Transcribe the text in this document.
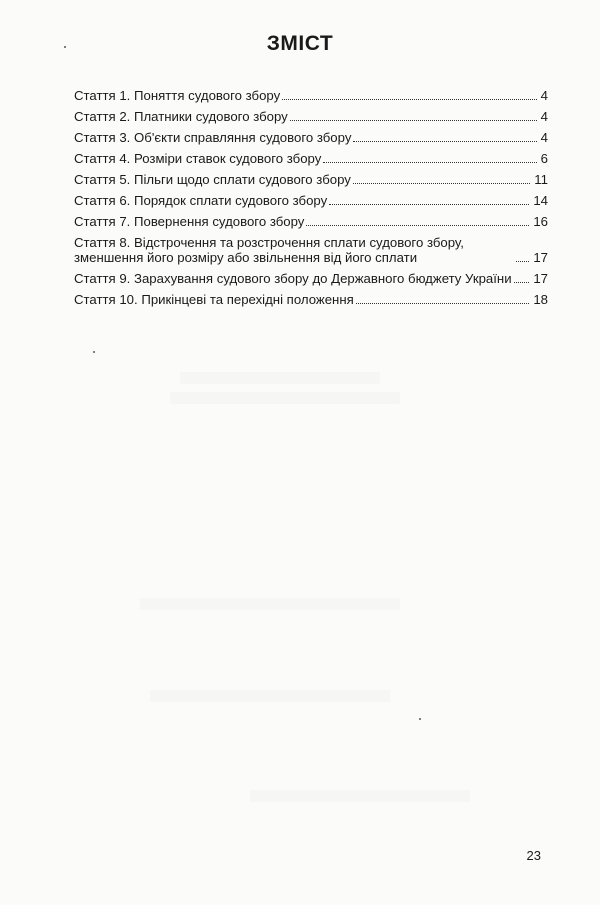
ЗМІСТ
Стаття 1. Поняття судового збору	4
Стаття 2. Платники судового збору	4
Стаття 3. Об'єкти справляння судового збору	4
Стаття 4. Розміри ставок судового збору	6
Стаття 5. Пільги щодо сплати судового збору	11
Стаття 6. Порядок сплати судового збору	14
Стаття 7. Повернення судового збору	16
Стаття 8. Відстрочення та розстрочення сплати судового збору, зменшення його розміру або звільнення від його сплати	17
Стаття 9. Зарахування судового збору до Державного бюджету України 17
Стаття 10. Прикінцеві та перехідні положення	18
23
